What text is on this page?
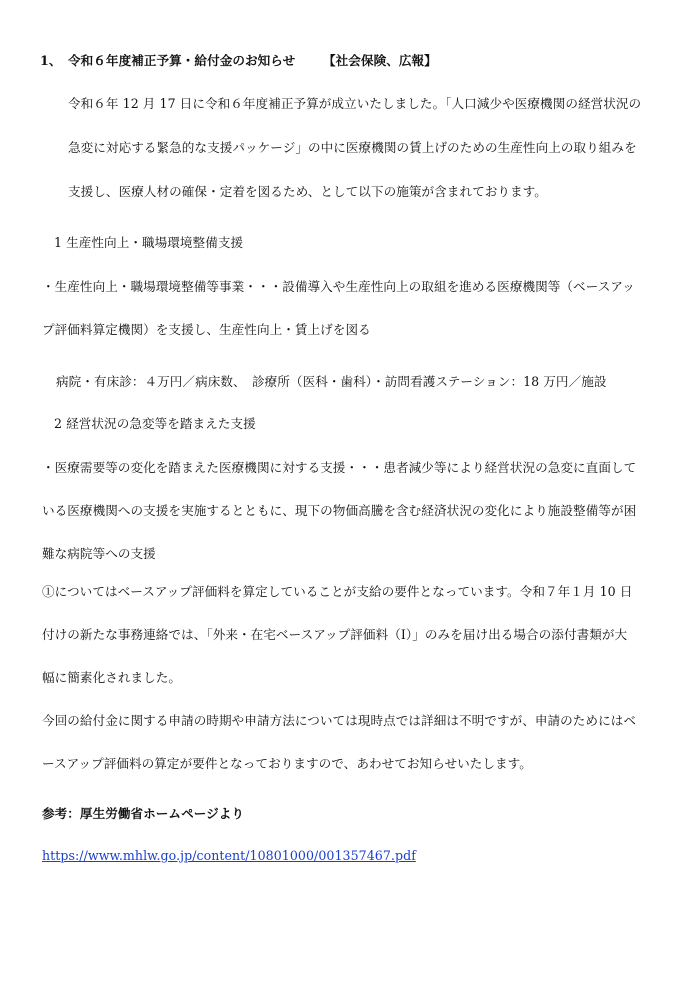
1、 令和６年度補正予算・給付金のお知らせ 【社会保険、広報】
令和６年 12 月 17 日に令和６年度補正予算が成立いたしました。「人口減少や医療機関の経営状況の
急変に対応する緊急的な支援パッケージ」の中に医療機関の賃上げのための生産性向上の取り組みを
支援し、医療人材の確保・定着を図るため、として以下の施策が含まれております。
1 生産性向上・職場環境整備支援
・生産性向上・職場環境整備等事業・・・設備導入や生産性向上の取組を進める医療機関等（ベースアッ
プ評価料算定機関）を支援し、生産性向上・賃上げを図る
病院・有床診：４万円／病床数、　診療所（医科・歯科）・訪問看護ステーション：18 万円／施設
2 経営状況の急変等を踏まえた支援
・医療需要等の変化を踏まえた医療機関に対する支援・・・患者減少等により経営状況の急変に直面して
いる医療機関への支援を実施するとともに、現下の物価高騰を含む経済状況の変化により施設整備等が困
難な病院等への支援
①についてはベースアップ評価料を算定していることが支給の要件となっています。令和７年１月 10 日
付けの新たな事務連絡では、「外来・在宅ベースアップ評価料（Ⅰ）」のみを届け出る場合の添付書類が大
幅に簡素化されました。
今回の給付金に関する申請の時期や申請方法については現時点では詳細は不明ですが、申請のためにはベ
ースアップ評価料の算定が要件となっておりますので、あわせてお知らせいたします。
参考：厚生労働省ホームページより
https://www.mhlw.go.jp/content/10801000/001357467.pdf
